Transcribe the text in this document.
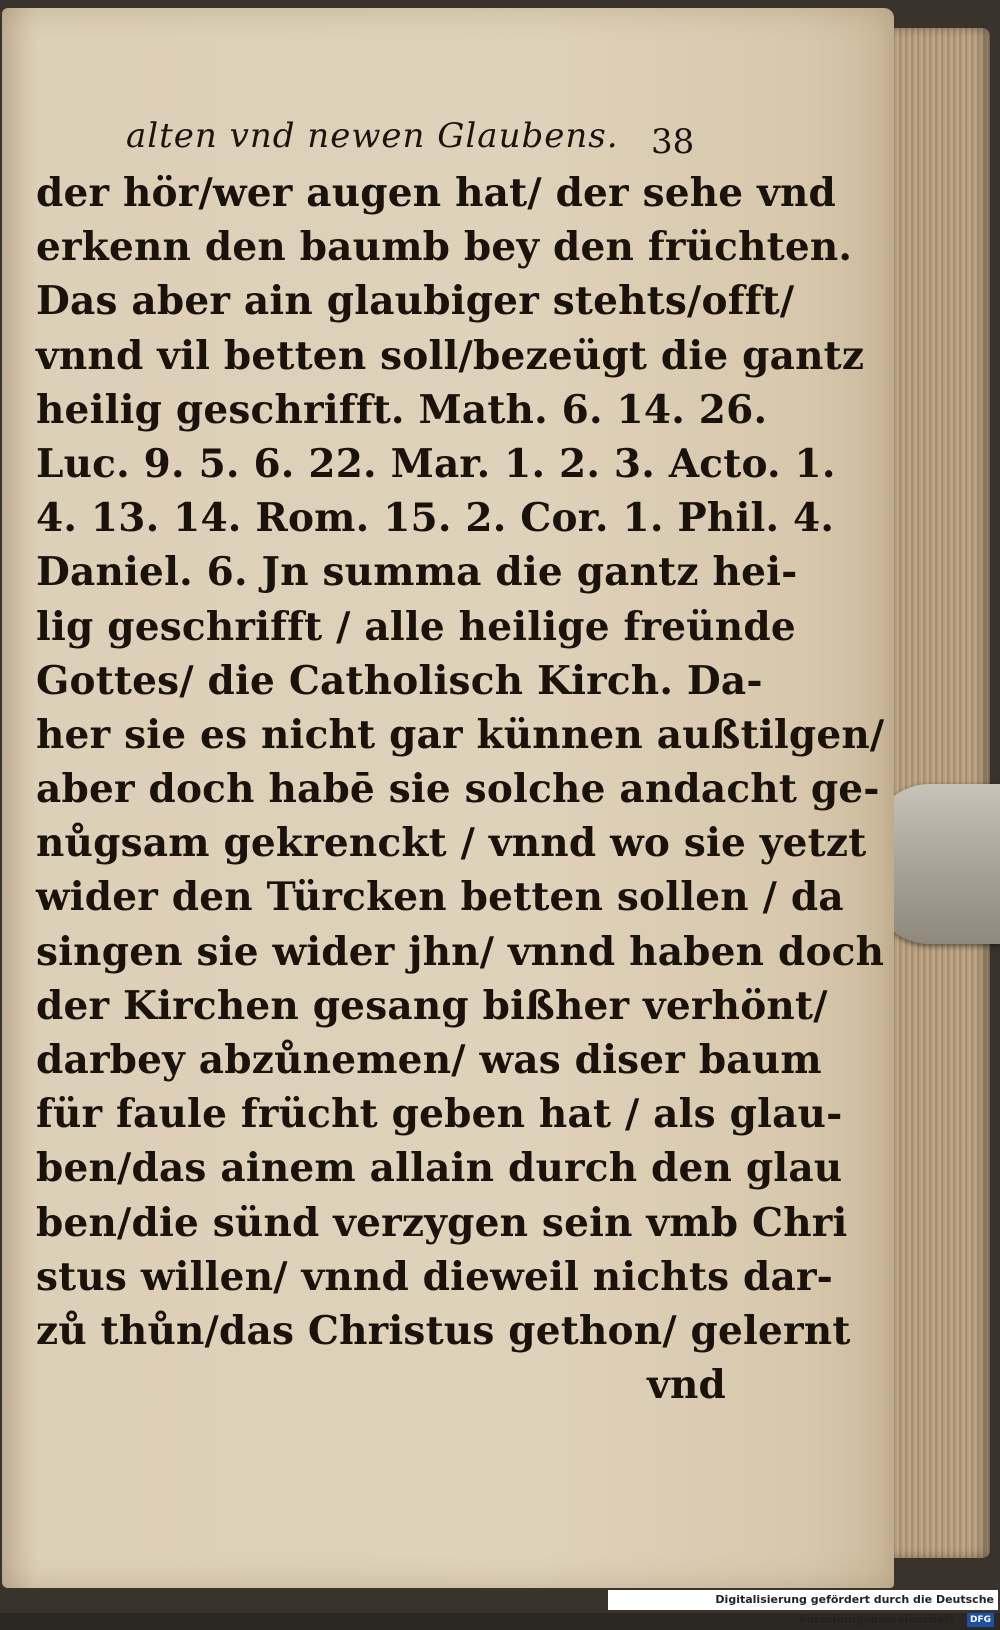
alten vnd newen Glaubens. 38
der hör/wer augen hat/ der sehe vnd
erkenn den baumb bey den früchten.
Das aber ain glaubiger stehts/offt/
vnnd vil betten soll/bezeügt die gantz
heilig geschrifft. Math. 6. 14. 26.
Luc. 9. 5. 6. 22. Mar. 1. 2. 3. Acto. 1.
4. 13. 14. Rom. 15. 2. Cor. 1. Phil. 4.
Daniel. 6. Jn summa die gantz hei-
lig geschrifft / alle heilige freünde
Gottes/ die Catholisch Kirch. Da-
her sie es nicht gar künnen außtilgen/
aber doch habē sie solche andacht ge-
nůgsam gekrenckt / vnnd wo sie yetzt
wider den Türcken betten sollen / da
singen sie wider jhn/ vnnd haben doch
der Kirchen gesang bißher verhönt/
darbey abzůnemen/ was diser baum
für faule frücht geben hat / als glau-
ben/das ainem allain durch den glau
ben/die sünd verzygen sein vmb Chri
stus willen/ vnnd dieweil nichts dar-
zů thůn/das Christus gethon/ gelernt
vnd
Digitalisierung gefördert durch die Deutsche Forschungsgemeinschaft - DFG
